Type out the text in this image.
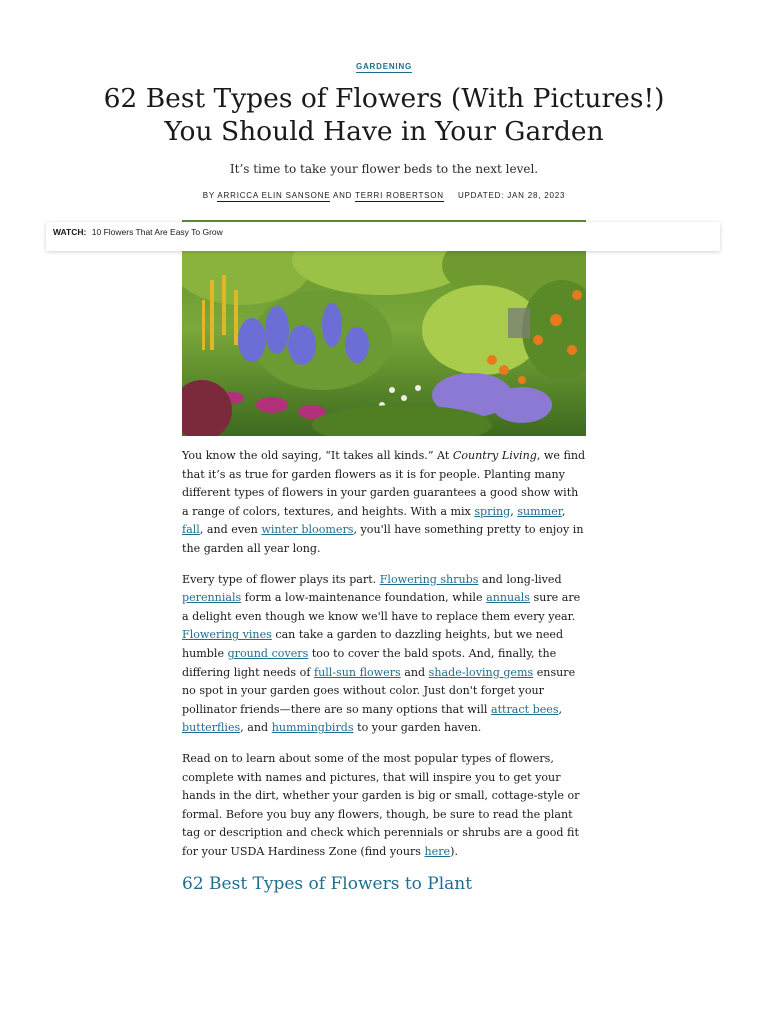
GARDENING
62 Best Types of Flowers (With Pictures!) You Should Have in Your Garden
It’s time to take your flower beds to the next level.
BY ARRICCA ELIN SANSONE AND TERRI ROBERTSON UPDATED: JAN 28, 2023
WATCH: 10 Flowers That Are Easy To Grow

You know the old saying, “It takes all kinds.” At Country Living, we find that it’s as true for garden flowers as it is for people. Planting many different types of flowers in your garden guarantees a good show with a range of colors, textures, and heights. With a mix spring, summer, fall, and even winter bloomers, you'll have something pretty to enjoy in the garden all year long.

Every type of flower plays its part. Flowering shrubs and long-lived perennials form a low-maintenance foundation, while annuals sure are a delight even though we know we'll have to replace them every year. Flowering vines can take a garden to dazzling heights, but we need humble ground covers too to cover the bald spots. And, finally, the differing light needs of full-sun flowers and shade-loving gems ensure no spot in your garden goes without color. Just don't forget your pollinator friends—there are so many options that will attract bees, butterflies, and hummingbirds to your garden haven.

Read on to learn about some of the most popular types of flowers, complete with names and pictures, that will inspire you to get your hands in the dirt, whether your garden is big or small, cottage-style or formal. Before you buy any flowers, though, be sure to read the plant tag or description and check which perennials or shrubs are a good fit for your USDA Hardiness Zone (find yours here).

62 Best Types of Flowers to Plant
